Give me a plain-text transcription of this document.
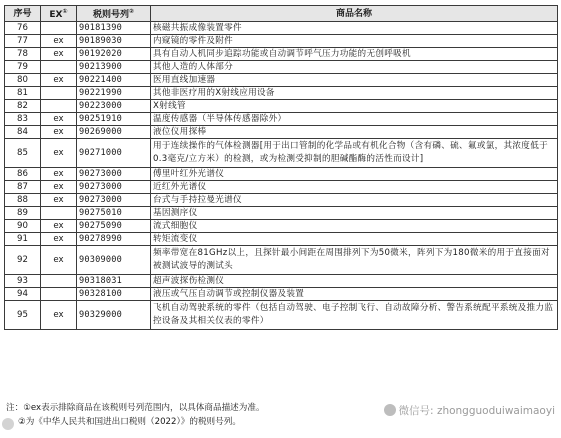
序号	EX①	税则号列②	商品名称
76		90181390	核磁共振成像装置零件
77	ex	90189030	内窥镜的零件及附件
78	ex	90192020	具有自动人机同步追踪功能或自动调节呼气压力功能的无创呼吸机
79		90213900	其他人造的人体部分
80	ex	90221400	医用直线加速器
81		90221990	其他非医疗用的X射线应用设备
82		90223000	X射线管
83	ex	90251910	温度传感器（半导体传感器除外）
84	ex	90269000	液位仪用探棒
85	ex	90271000	用于连续操作的气体检测器[用于出口管制的化学品或有机化合物（含有磷、硫、氟或氯，其浓度低于0.3毫克/立方米）的检测，或为检测受抑制的胆碱酯酶的活性而设计]
86	ex	90273000	傅里叶红外光谱仪
87	ex	90273000	近红外光谱仪
88	ex	90273000	台式与手持拉曼光谱仪
89		90275010	基因测序仪
90	ex	90275090	流式细胞仪
91	ex	90278990	转矩流变仪
92	ex	90309000	频率带宽在81GHz以上，且探针最小间距在周围排列下为50微米，阵列下为180微米的用于直接面对被测试波导的测试头
93		90318031	超声波探伤检测仪
94		90328100	液压或气压自动调节或控制仪器及装置
95	ex	90329000	飞机自动驾驶系统的零件（包括自动驾驶、电子控制飞行、自动故障分析、警告系统配平系统及推力监控设备及其相关仪表的零件）
注：①ex表示排除商品在该税则号列范围内，以具体商品描述为准。
②为《中华人民共和国进出口税则（2022）》的税则号列。
微信号: zhongguoduiwaimaoyi
